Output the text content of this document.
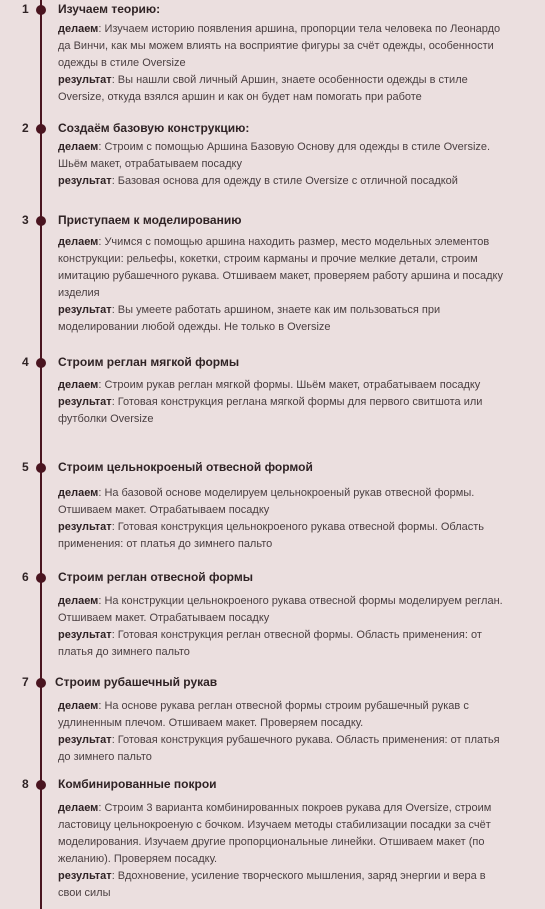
1 Изучаем теорию:

делаем: Изучаем историю появления аршина, пропорции тела человека по Леонардо да Винчи, как мы можем влиять на восприятие фигуры за счёт одежды, особенности одежды в стиле Oversize

результат: Вы нашли свой личный Аршин, знаете особенности одежды в стиле Oversize, откуда взялся аршин и как он будет нам помогать при работе

2 Создаём базовую конструкцию:

делаем: Строим с помощью Аршина Базовую Основу для одежды в стиле Oversize. Шьём макет, отрабатываем посадку

результат: Базовая основа для одежду в стиле Oversize с отличной посадкой

3 Приступаем к моделированию

делаем: Учимся с помощью аршина находить размер, место модельных элементов конструкции: рельефы, кокетки, строим карманы и прочие мелкие детали, строим имитацию рубашечного рукава. Отшиваем макет, проверяем работу аршина и посадку изделия

результат: Вы умеете работать аршином, знаете как им пользоваться при моделировании любой одежды. Не только в Oversize

4 Строим реглан мягкой формы

делаем: Строим рукав реглан мягкой формы. Шьём макет, отрабатываем посадку

результат: Готовая конструкция реглана мягкой формы для первого свитшота или футболки Oversize

5 Строим цельнокроеный отвесной формой

делаем: На базовой основе моделируем цельнокроеный рукав отвесной формы. Отшиваем макет. Отрабатываем посадку

результат: Готовая конструкция цельнокроеного рукава отвесной формы. Область применения: от платья до зимнего пальто

6 Строим реглан отвесной формы

делаем: На конструкции цельнокроеного рукава отвесной формы моделируем реглан. Отшиваем макет. Отрабатываем посадку

результат: Готовая конструкция реглан отвесной формы. Область применения: от платья до зимнего пальто

7 Строим рубашечный рукав

делаем: На основе рукава реглан отвесной формы строим рубашечный рукав с удлиненным плечом. Отшиваем макет. Проверяем посадку.

результат: Готовая конструкция рубашечного рукава. Область применения: от платья до зимнего пальто

8 Комбинированные покрои

делаем: Строим 3 варианта комбинированных покроев рукава для Oversize, строим ластовицу цельнокроеную с бочком. Изучаем методы стабилизации посадки за счёт моделирования. Изучаем другие пропорциональные линейки. Отшиваем макет (по желанию). Проверяем посадку.

результат: Вдохновение, усиление творческого мышления, заряд энергии и вера в свои силы
